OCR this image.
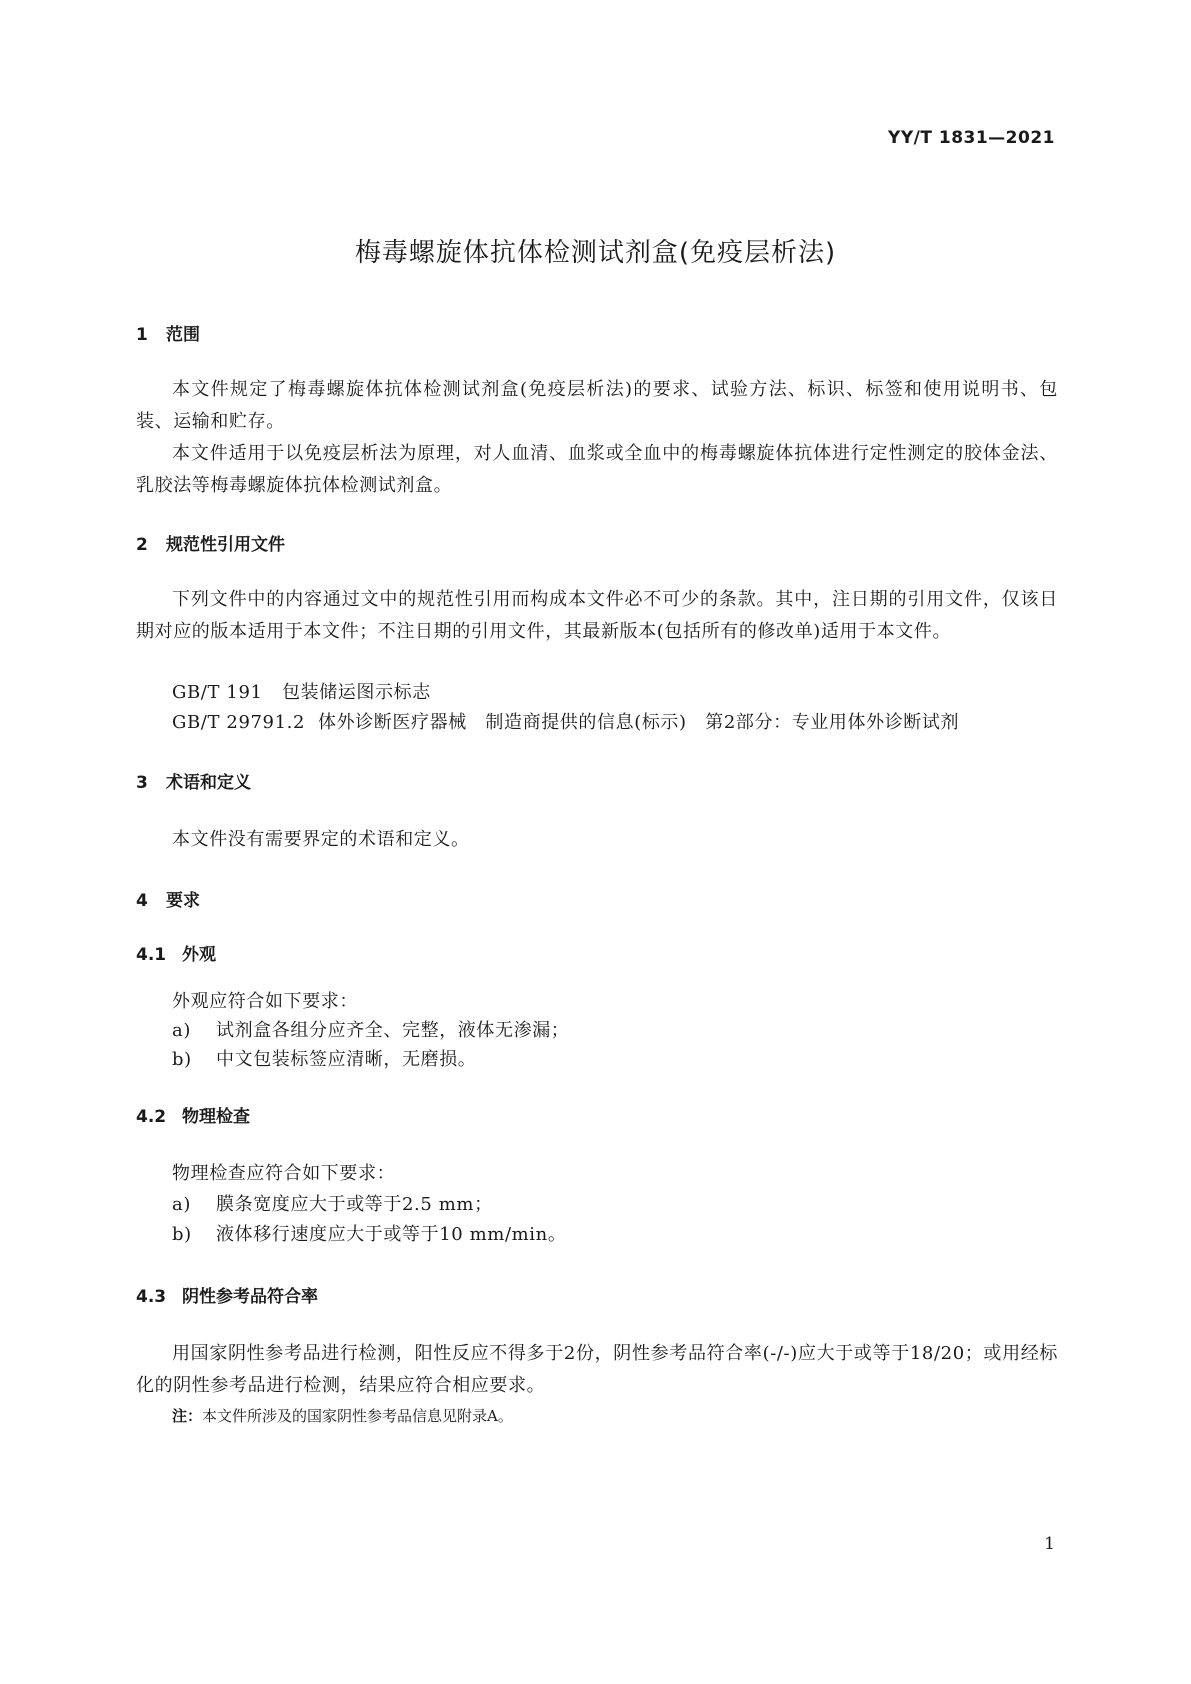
YY/T 1831—2021
梅毒螺旋体抗体检测试剂盒(免疫层析法)
1 范围
本文件规定了梅毒螺旋体抗体检测试剂盒(免疫层析法)的要求、试验方法、标识、标签和使用说明书、包装、运输和贮存。
本文件适用于以免疫层析法为原理，对人血清、血浆或全血中的梅毒螺旋体抗体进行定性测定的胶体金法、乳胶法等梅毒螺旋体抗体检测试剂盒。
2 规范性引用文件
下列文件中的内容通过文中的规范性引用而构成本文件必不可少的条款。其中，注日期的引用文件，仅该日期对应的版本适用于本文件；不注日期的引用文件，其最新版本(包括所有的修改单)适用于本文件。
GB/T 191 包装储运图示标志
GB/T 29791.2 体外诊断医疗器械　制造商提供的信息(标示)　第2部分：专业用体外诊断试剂
3 术语和定义
本文件没有需要界定的术语和定义。
4 要求
4.1 外观
外观应符合如下要求：
a) 试剂盒各组分应齐全、完整，液体无渗漏；
b) 中文包装标签应清晰，无磨损。
4.2 物理检查
物理检查应符合如下要求：
a) 膜条宽度应大于或等于2.5 mm；
b) 液体移行速度应大于或等于10 mm/min。
4.3 阴性参考品符合率
用国家阴性参考品进行检测，阳性反应不得多于2份，阴性参考品符合率(-/-)应大于或等于18/20；或用经标化的阴性参考品进行检测，结果应符合相应要求。
注：本文件所涉及的国家阴性参考品信息见附录A。
1
